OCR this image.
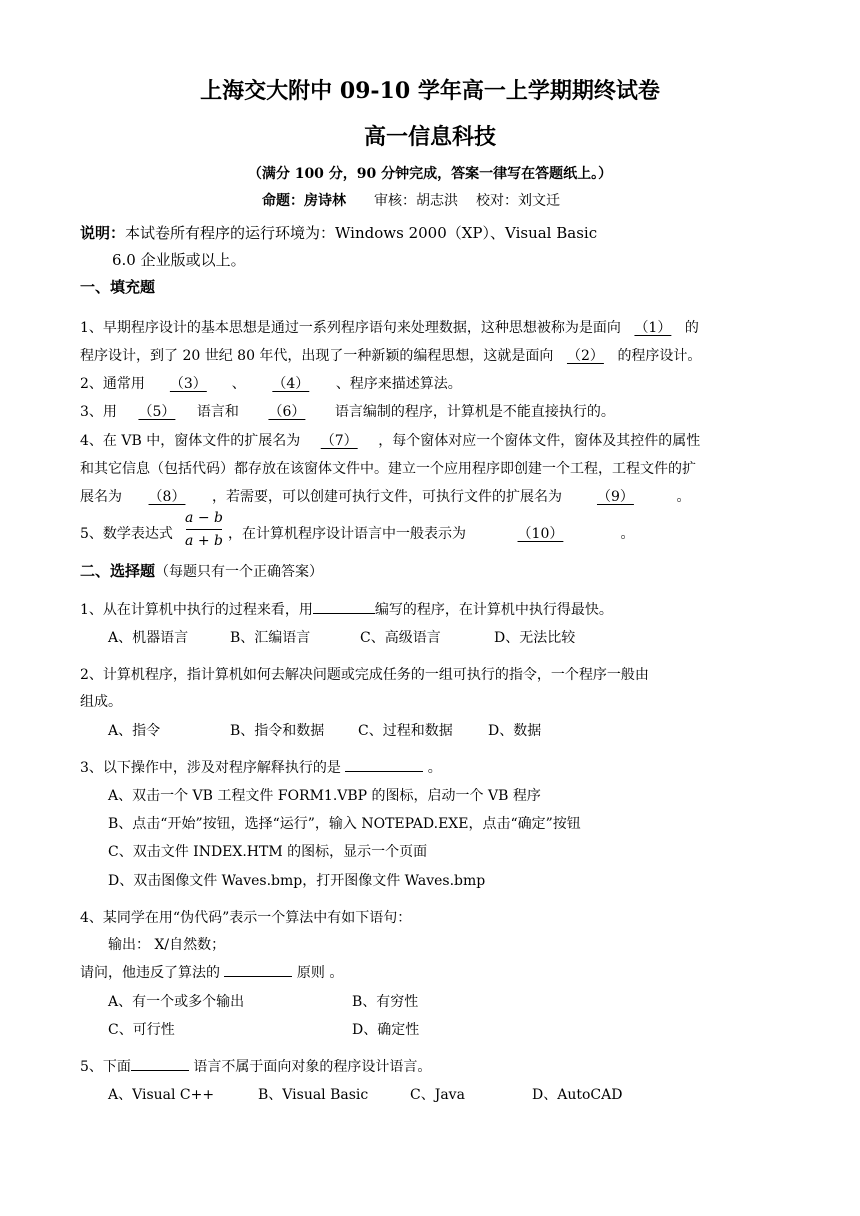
上海交大附中 09-10 学年高一上学期期终试卷
高一信息科技
（满分 100 分，90 分钟完成，答案一律写在答题纸上。）
命题：房诗林 审核：胡志洪 校对：刘文迁
说明：本试卷所有程序的运行环境为：Windows 2000（XP）、Visual Basic
6.0 企业版或以上。
一、填充题
1、早期程序设计的基本思想是通过一系列程序语句来处理数据，这种思想被称为是面向 （1） 的
程序设计，到了 20 世纪 80 年代，出现了一种新颖的编程思想，这就是面向 （2） 的程序设计。
2、通常用 （3） 、 （4） 、程序来描述算法。
3、用 （5） 语言和 （6） 语言编制的程序，计算机是不能直接执行的。
4、在 VB 中，窗体文件的扩展名为 （7） ，每个窗体对应一个窗体文件，窗体及其控件的属性
和其它信息（包括代码）都存放在该窗体文件中。建立一个应用程序即创建一个工程，工程文件的扩
展名为 （8） ，若需要，可以创建可执行文件，可执行文件的扩展名为 （9）	。
5、数学表达式
a − b
a + b ，在计算机程序设计语言中一般表示为	（10）	。
二、选择题（每题只有一个正确答案）
1、从在计算机中执行的过程来看，用	编写的程序，在计算机中执行得最快。
A、机器语言	B、汇编语言	C、高级语言	D、无法比较
2、计算机程序，指计算机如何去解决问题或完成任务的一组可执行的指令，一个程序一般由
组成。
A、指令	B、指令和数据 C、过程和数据	D、数据
3、以下操作中，涉及对程序解释执行的是	。
A、双击一个 VB 工程文件 FORM1.VBP 的图标，启动一个 VB 程序
B、点击“开始”按钮，选择“运行”，输入 NOTEPAD.EXE，点击“确定”按钮
C、双击文件 INDEX.HTM 的图标，显示一个页面
D、双击图像文件 Waves.bmp，打开图像文件 Waves.bmp
4、某同学在用“伪代码”表示一个算法中有如下语句：
输出： X/自然数；
请问，他违反了算法的	原则 。
A、有一个或多个输出	B、有穷性
C、可行性	D、确定性
5、下面	语言不属于面向对象的程序设计语言。
A、Visual C++	B、Visual Basic	C、Java	D、AutoCAD
